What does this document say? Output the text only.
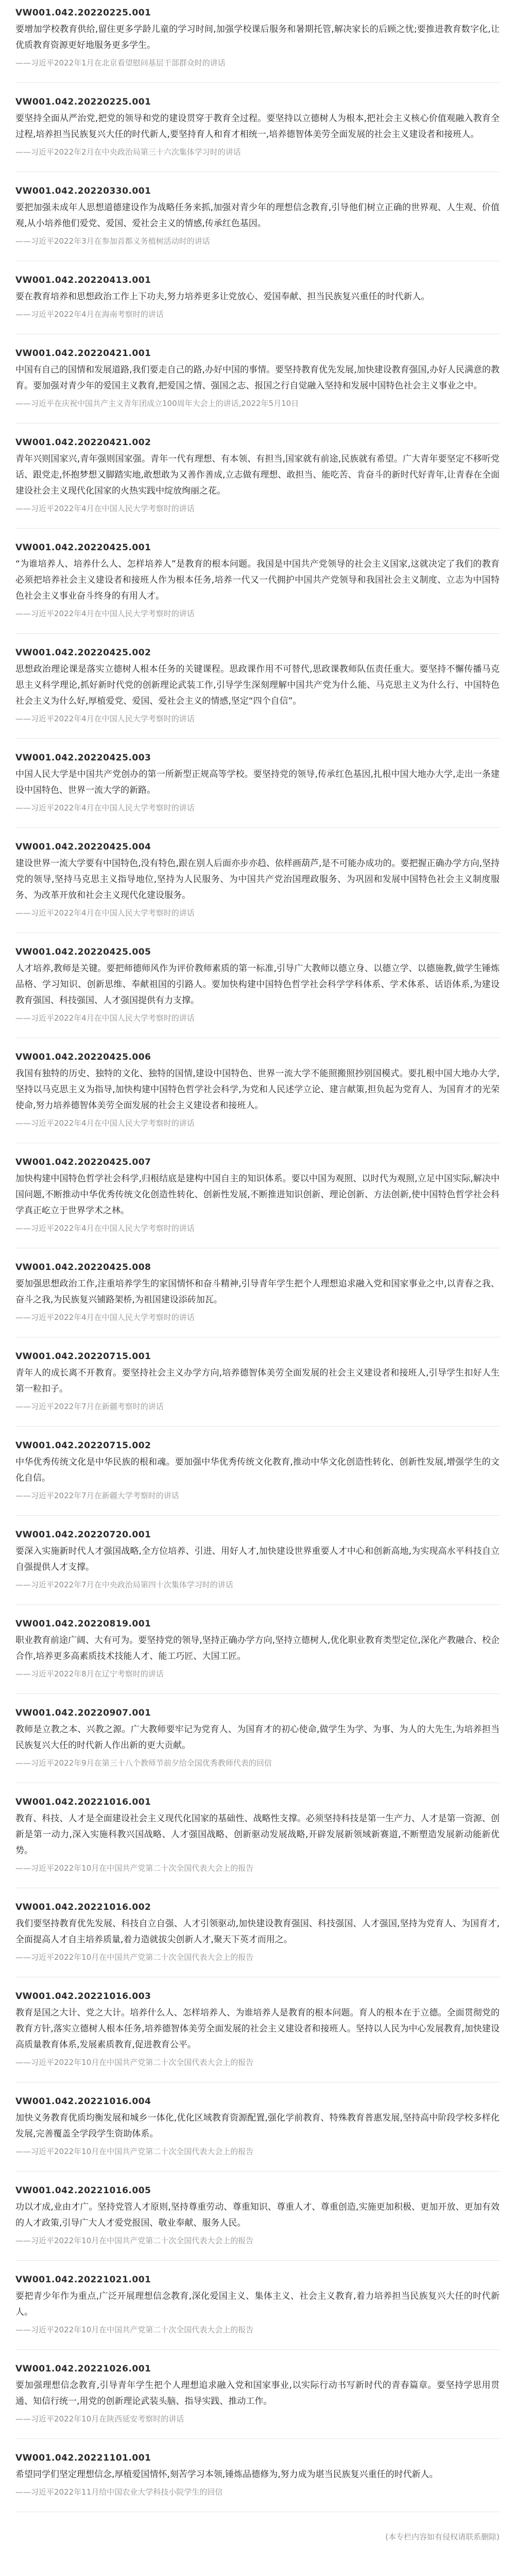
VW001.042.20220225.001

要增加学校教育供给,留住更多学龄儿童的学习时间,加强学校课后服务和暑期托管,解决家长的后顾之忧;要推进教育数字化,让优质教育资源更好地服务更多学生。

——习近平2022年1月在北京看望慰问基层干部群众时的讲话
VW001.042.20220225.001

要坚持全面从严治党,把党的领导和党的建设贯穿于教育全过程。要坚持以立德树人为根本,把社会主义核心价值观融入教育全过程,培养担当民族复兴大任的时代新人,要坚持育人和育才相统一,培养德智体美劳全面发展的社会主义建设者和接班人。

——习近平2022年2月在中央政治局第三十六次集体学习时的讲话
VW001.042.20220330.001

要把加强未成年人思想道德建设作为战略任务来抓,加强对青少年的理想信念教育,引导他们树立正确的世界观、人生观、价值观,从小培养他们爱党、爱国、爱社会主义的情感,传承红色基因。

——习近平2022年3月在参加首都义务植树活动时的讲话
VW001.042.20220413.001

要在教育培养和思想政治工作上下功夫,努力培养更多让党放心、爱国奉献、担当民族复兴重任的时代新人。

——习近平2022年4月在海南考察时的讲话
VW001.042.20220421.001

中国有自己的国情和发展道路,我们要走自己的路,办好中国的事情。要坚持教育优先发展,加快建设教育强国,办好人民满意的教育。要加强对青少年的爱国主义教育,把爱国之情、强国之志、报国之行自觉融入坚持和发展中国特色社会主义事业之中。

——习近平在庆祝中国共产主义青年团成立100周年大会上的讲话,2022年5月10日
VW001.042.20220421.002

青年兴则国家兴,青年强则国家强。青年一代有理想、有本领、有担当,国家就有前途,民族就有希望。广大青年要坚定不移听党话、跟党走,怀抱梦想又脚踏实地,敢想敢为又善作善成,立志做有理想、敢担当、能吃苦、肯奋斗的新时代好青年,让青春在全面建设社会主义现代化国家的火热实践中绽放绚丽之花。

——习近平2022年4月在中国人民大学考察时的讲话
VW001.042.20220425.001

“为谁培养人、培养什么人、怎样培养人”是教育的根本问题。我国是中国共产党领导的社会主义国家,这就决定了我们的教育必须把培养社会主义建设者和接班人作为根本任务,培养一代又一代拥护中国共产党领导和我国社会主义制度、立志为中国特色社会主义事业奋斗终身的有用人才。

——习近平2022年4月在中国人民大学考察时的讲话
VW001.042.20220425.002

思想政治理论课是落实立德树人根本任务的关键课程。思政课作用不可替代,思政课教师队伍责任重大。要坚持不懈传播马克思主义科学理论,抓好新时代党的创新理论武装工作,引导学生深刻理解中国共产党为什么能、马克思主义为什么行、中国特色社会主义为什么好,厚植爱党、爱国、爱社会主义的情感,坚定“四个自信”。

——习近平2022年4月在中国人民大学考察时的讲话
VW001.042.20220425.003

中国人民大学是中国共产党创办的第一所新型正规高等学校。要坚持党的领导,传承红色基因,扎根中国大地办大学,走出一条建设中国特色、世界一流大学的新路。

——习近平2022年4月在中国人民大学考察时的讲话
VW001.042.20220425.004

建设世界一流大学要有中国特色,没有特色,跟在别人后面亦步亦趋、依样画葫芦,是不可能办成功的。要把握正确办学方向,坚持党的领导,坚持马克思主义指导地位,坚持为人民服务、为中国共产党治国理政服务、为巩固和发展中国特色社会主义制度服务、为改革开放和社会主义现代化建设服务。

——习近平2022年4月在中国人民大学考察时的讲话
VW001.042.20220425.005

人才培养,教师是关键。要把师德师风作为评价教师素质的第一标准,引导广大教师以德立身、以德立学、以德施教,做学生锤炼品格、学习知识、创新思维、奉献祖国的引路人。要加快构建中国特色哲学社会科学学科体系、学术体系、话语体系,为建设教育强国、科技强国、人才强国提供有力支撑。

——习近平2022年4月在中国人民大学考察时的讲话
VW001.042.20220425.006

我国有独特的历史、独特的文化、独特的国情,建设中国特色、世界一流大学不能照搬照抄别国模式。要扎根中国大地办大学,坚持以马克思主义为指导,加快构建中国特色哲学社会科学,为党和人民述学立论、建言献策,担负起为党育人、为国育才的光荣使命,努力培养德智体美劳全面发展的社会主义建设者和接班人。

——习近平2022年4月在中国人民大学考察时的讲话
VW001.042.20220425.007

加快构建中国特色哲学社会科学,归根结底是建构中国自主的知识体系。要以中国为观照、以时代为观照,立足中国实际,解决中国问题,不断推动中华优秀传统文化创造性转化、创新性发展,不断推进知识创新、理论创新、方法创新,使中国特色哲学社会科学真正屹立于世界学术之林。

——习近平2022年4月在中国人民大学考察时的讲话
VW001.042.20220425.008

要加强思想政治工作,注重培养学生的家国情怀和奋斗精神,引导青年学生把个人理想追求融入党和国家事业之中,以青春之我、奋斗之我,为民族复兴铺路架桥,为祖国建设添砖加瓦。

——习近平2022年4月在中国人民大学考察时的讲话
VW001.042.20220715.001

青年人的成长离不开教育。要坚持社会主义办学方向,培养德智体美劳全面发展的社会主义建设者和接班人,引导学生扣好人生第一粒扣子。

——习近平2022年7月在新疆考察时的讲话
VW001.042.20220715.002

中华优秀传统文化是中华民族的根和魂。要加强中华优秀传统文化教育,推动中华文化创造性转化、创新性发展,增强学生的文化自信。

——习近平2022年7月在新疆大学考察时的讲话
VW001.042.20220720.001

要深入实施新时代人才强国战略,全方位培养、引进、用好人才,加快建设世界重要人才中心和创新高地,为实现高水平科技自立自强提供人才支撑。

——习近平2022年7月在中央政治局第四十次集体学习时的讲话
VW001.042.20220819.001

职业教育前途广阔、大有可为。要坚持党的领导,坚持正确办学方向,坚持立德树人,优化职业教育类型定位,深化产教融合、校企合作,培养更多高素质技术技能人才、能工巧匠、大国工匠。

——习近平2022年8月在辽宁考察时的讲话
VW001.042.20220907.001

教师是立教之本、兴教之源。广大教师要牢记为党育人、为国育才的初心使命,做学生为学、为事、为人的大先生,为培养担当民族复兴大任的时代新人作出新的更大贡献。

——习近平2022年9月在第三十八个教师节前夕给全国优秀教师代表的回信
VW001.042.20221016.001

教育、科技、人才是全面建设社会主义现代化国家的基础性、战略性支撑。必须坚持科技是第一生产力、人才是第一资源、创新是第一动力,深入实施科教兴国战略、人才强国战略、创新驱动发展战略,开辟发展新领域新赛道,不断塑造发展新动能新优势。

——习近平2022年10月在中国共产党第二十次全国代表大会上的报告
VW001.042.20221016.002

我们要坚持教育优先发展、科技自立自强、人才引领驱动,加快建设教育强国、科技强国、人才强国,坚持为党育人、为国育才,全面提高人才自主培养质量,着力造就拔尖创新人才,聚天下英才而用之。

——习近平2022年10月在中国共产党第二十次全国代表大会上的报告
VW001.042.20221016.003

教育是国之大计、党之大计。培养什么人、怎样培养人、为谁培养人是教育的根本问题。育人的根本在于立德。全面贯彻党的教育方针,落实立德树人根本任务,培养德智体美劳全面发展的社会主义建设者和接班人。坚持以人民为中心发展教育,加快建设高质量教育体系,发展素质教育,促进教育公平。

——习近平2022年10月在中国共产党第二十次全国代表大会上的报告
VW001.042.20221016.004

加快义务教育优质均衡发展和城乡一体化,优化区域教育资源配置,强化学前教育、特殊教育普惠发展,坚持高中阶段学校多样化发展,完善覆盖全学段学生资助体系。

——习近平2022年10月在中国共产党第二十次全国代表大会上的报告
VW001.042.20221016.005

功以才成,业由才广。坚持党管人才原则,坚持尊重劳动、尊重知识、尊重人才、尊重创造,实施更加积极、更加开放、更加有效的人才政策,引导广大人才爱党报国、敬业奉献、服务人民。

——习近平2022年10月在中国共产党第二十次全国代表大会上的报告
VW001.042.20221021.001

要把青少年作为重点,广泛开展理想信念教育,深化爱国主义、集体主义、社会主义教育,着力培养担当民族复兴大任的时代新人。

——习近平2022年10月在中国共产党第二十次全国代表大会上的报告
VW001.042.20221026.001

要加强理想信念教育,引导青年学生把个人理想追求融入党和国家事业,以实际行动书写新时代的青春篇章。要坚持学思用贯通、知信行统一,用党的创新理论武装头脑、指导实践、推动工作。

——习近平2022年10月在陕西延安考察时的讲话
VW001.042.20221101.001

希望同学们坚定理想信念,厚植爱国情怀,刻苦学习本领,锤炼品德修为,努力成为堪当民族复兴重任的时代新人。

——习近平2022年11月给中国农业大学科技小院学生的回信
(本专栏内容如有侵权请联系删除)
